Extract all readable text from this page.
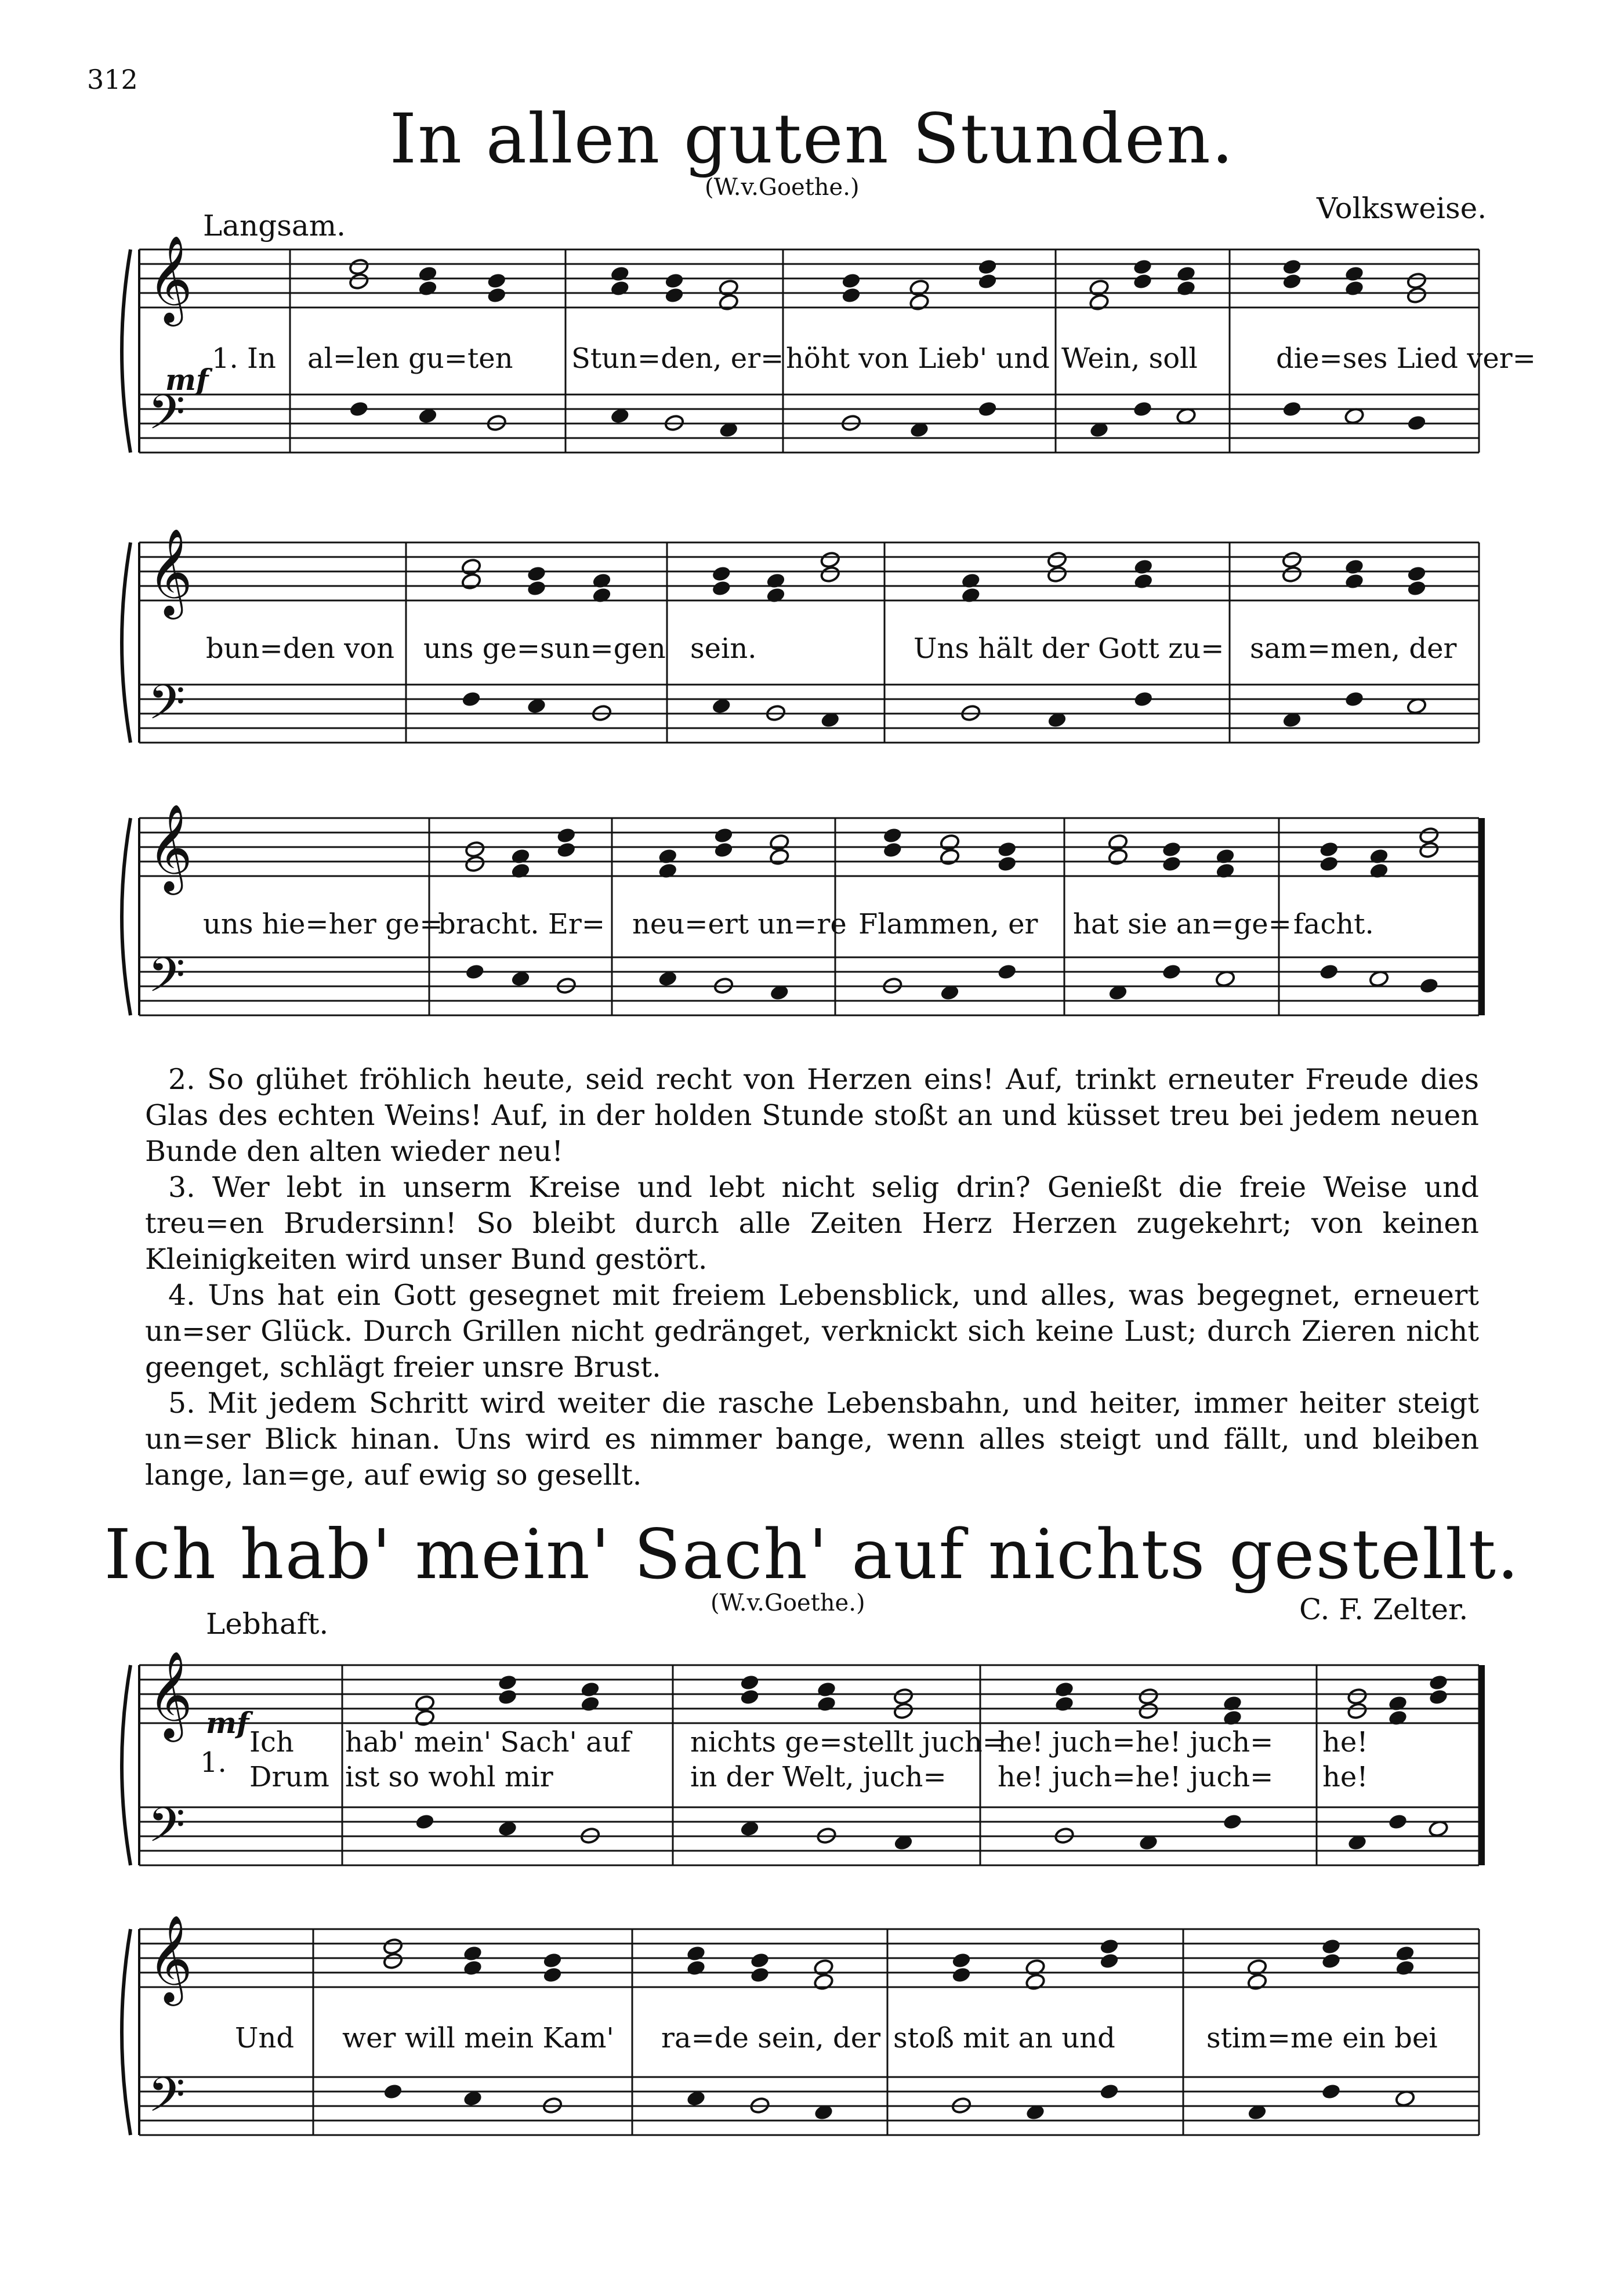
312
In allen guten Stunden.
(W.v.Goethe.)
Volksweise.
Langsam.
mf
𝄞
𝄢
𝄞
𝄢
𝄞
𝄢
𝄞
𝄢
𝄞
𝄢
1. In al=len gu=ten Stun=den, er= höht von Lieb' und Wein, soll	die=ses Lied ver=
bun=den von uns ge=sun=gen sein.	Uns hält der Gott zu= sam=men, der
uns hie=her ge=
bracht. Er= neu=ert un=re Flammen, er hat sie an=ge= facht.

2. So glühet fröhlich heute, seid recht von Herzen eins! Auf, trinkt erneuter Freude dies Glas des echten Weins! Auf, in der holden Stunde stoßt an und küsset treu bei jedem neuen Bunde den alten wieder neu!

3. Wer lebt in unserm Kreise und lebt nicht selig drin? Genießt die freie Weise und treu=en Brudersinn! So bleibt durch alle Zeiten Herz Herzen zugekehrt; von keinen Kleinigkeiten wird unser Bund gestört.

4. Uns hat ein Gott gesegnet mit freiem Lebensblick, und alles, was begegnet, erneuert un=ser Glück. Durch Grillen nicht gedränget, verknickt sich keine Lust; durch Zieren nicht geenget, schlägt freier unsre Brust.

5. Mit jedem Schritt wird weiter die rasche Lebensbahn, und heiter, immer heiter steigt un=ser Blick hinan. Uns wird es nimmer bange, wenn alles steigt und fällt, und bleiben lange, lan=ge, auf ewig so gesellt.

Ich hab' mein' Sach' auf nichts gestellt.
(W.v.Goethe.)	C. F. Zelter.
Lebhaft.
mf
1.
Ich hab' mein' Sach' auf nichts ge=stellt juch=
he! juch=he! juch= he!
Drum ist so wohl mir	in der Welt, juch= he! juch=he! juch= he!
Und wer will mein Kam' ra=de sein, der stoß mit an und	stim=me ein bei
